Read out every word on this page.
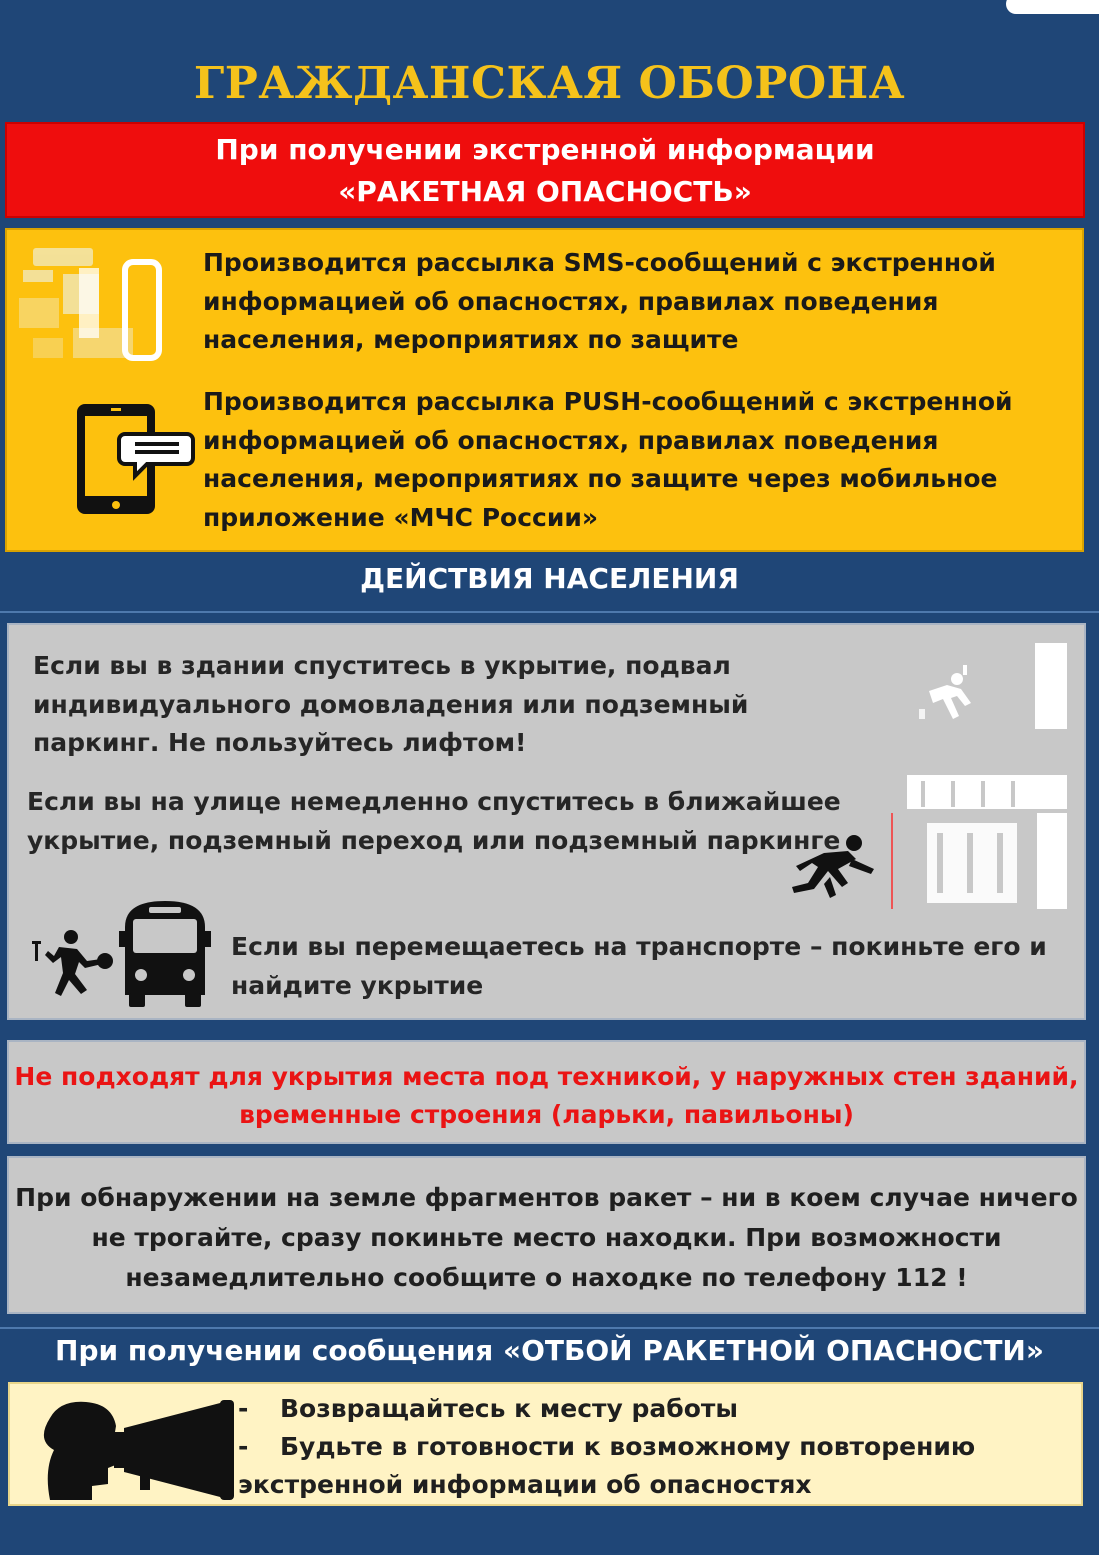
ГРАЖДАНСКАЯ ОБОРОНА
При получении экстренной информации
«РАКЕТНАЯ ОПАСНОСТЬ»
Производится рассылка SMS-сообщений с экстренной информацией об опасностях, правилах поведения населения, мероприятиях по защите
Производится рассылка PUSH-сообщений с экстренной информацией об опасностях, правилах поведения населения, мероприятиях по защите через мобильное приложение «МЧС России»
ДЕЙСТВИЯ НАСЕЛЕНИЯ
Если вы в здании спуститесь в укрытие, подвал индивидуального домовладения или подземный паркинг. Не пользуйтесь лифтом!
Если вы на улице немедленно спуститесь в ближайшее укрытие, подземный переход или подземный паркинге
Если вы перемещаетесь на транспорте – покиньте его и найдите укрытие
Не подходят для укрытия места под техникой, у наружных стен зданий,
временные строения (ларьки, павильоны)
При обнаружении на земле фрагментов ракет – ни в коем случае ничего
не трогайте, сразу покиньте место находки. При возможности
незамедлительно сообщите о находке по телефону 112 !
При получении сообщения «ОТБОЙ РАКЕТНОЙ ОПАСНОСТИ»
- Возвращайтесь к месту работы
- Будьте в готовности к возможному повторению
экстренной информации об опасностях
